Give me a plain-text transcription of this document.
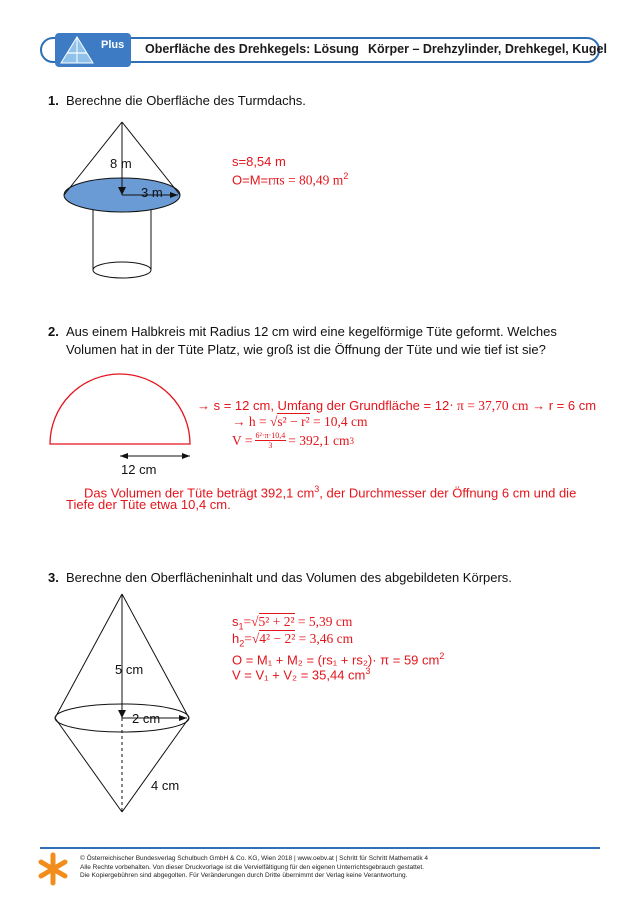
Plus Oberfläche des Drehkegels: Lösung Körper – Drehzylinder, Drehkegel, Kugel
1. Berechne die Oberfläche des Turmdachs.
8 m
3 m
s=8,54 m
O=M=rπs = 80,49 $m^2$
2. Aus einem Halbkreis mit Radius 12 cm wird eine kegelförmige Tüte geformt. Welches
Volumen hat in der Tüte Platz, wie groß ist die Öffnung der Tüte und wie tief ist sie?
12 cm
→ s = 12 cm, Umfang der Grundfläche = 12· π = 37,70 cm → r = 6 cm
→ h = √s² − r² = 10,4 cm
$V = \frac{\text{6²·π·10,4}}{3} = 392,1$ cm 3
Das Volumen der Tüte beträgt 392,1 $cm^3$, der Durchmesser der Öffnung 6 cm und die
Tiefe der Tüte etwa 10,4 cm.
3. Berechne den Oberflächeninhalt und das Volumen des abgebildeten Körpers.
5 cm
2 cm
4 cm
$s_1=√5^2 + 2^2 = 5,39$ cm
$h_2=√4^2 - 2^2 = 3,46$ cm
O = M₁ + M₂ = (rs₁ + rs₂)· π = 59 $cm^2$
V = V₁ + V₂ = 35,44 $cm^3$
© Österreichischer Bundesverlag Schulbuch GmbH & Co. KG, Wien 2018 | www.oebv.at | Schritt für Schritt Mathematik 4
Alle Rechte vorbehalten. Von dieser Druckvorlage ist die Vervielfältigung für den eigenen Unterrichtsgebrauch gestattet.
Die Kopiergebühren sind abgegolten. Für Veränderungen durch Dritte übernimmt der Verlag keine Verantwortung.
